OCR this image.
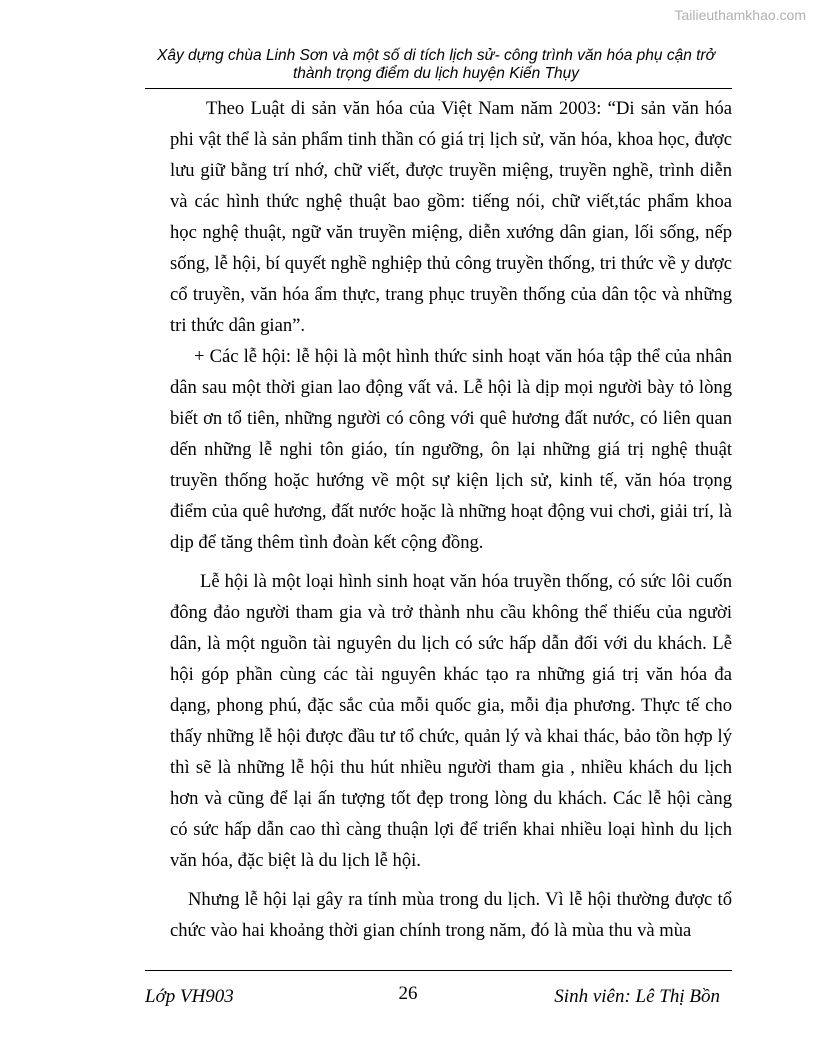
Tailieuthamkhao.com
Xây dựng chùa Linh Sơn và một số di tích lịch sử- công trình văn hóa phụ cận trở
thành trọng điểm du lịch huyện Kiến Thụy

Theo Luật di sản văn hóa của Việt Nam năm 2003: “Di sản văn hóa phi vật thể là sản phẩm tinh thần có giá trị lịch sử, văn hóa, khoa học, được lưu giữ bằng trí nhớ, chữ viết, được truyền miệng, truyền nghề, trình diễn và các hình thức nghệ thuật bao gồm: tiếng nói, chữ viết,tác phẩm khoa học nghệ thuật, ngữ văn truyền miệng, diễn xướng dân gian, lối sống, nếp sống, lễ hội, bí quyết nghề nghiệp thủ công truyền thống, tri thức về y dược cổ truyền, văn hóa ẩm thực, trang phục truyền thống của dân tộc và những tri thức dân gian”.

+ Các lễ hội: lễ hội là một hình thức sinh hoạt văn hóa tập thể của nhân dân sau một thời gian lao động vất vả. Lễ hội là dịp mọi người bày tỏ lòng biết ơn tổ tiên, những người có công với quê hương đất nước, có liên quan dến những lễ nghi tôn giáo, tín ngưỡng, ôn lại những giá trị nghệ thuật truyền thống hoặc hướng về một sự kiện lịch sử, kinh tế, văn hóa trọng điểm của quê hương, đất nước hoặc là những hoạt động vui chơi, giải trí, là dịp để tăng thêm tình đoàn kết cộng đồng.

Lễ hội là một loại hình sinh hoạt văn hóa truyền thống, có sức lôi cuốn đông đảo người tham gia và trở thành nhu cầu không thể thiếu của người dân, là một nguồn tài nguyên du lịch có sức hấp dẫn đối với du khách. Lễ hội góp phần cùng các tài nguyên khác tạo ra những giá trị văn hóa đa dạng, phong phú, đặc sắc của mỗi quốc gia, mỗi địa phương. Thực tế cho thấy những lễ hội được đầu tư tổ chức, quản lý và khai thác, bảo tồn hợp lý thì sẽ là những lễ hội thu hút nhiều người tham gia , nhiều khách du lịch hơn và cũng để lại ấn tượng tốt đẹp trong lòng du khách. Các lễ hội càng có sức hấp dẫn cao thì càng thuận lợi để triển khai nhiều loại hình du lịch văn hóa, đặc biệt là du lịch lễ hội.

Nhưng lễ hội lại gây ra tính mùa trong du lịch. Vì lễ hội thường được tổ chức vào hai khoảng thời gian chính trong năm, đó là mùa thu và mùa

Lớp VH903	26	Sinh viên: Lê Thị Bồn
